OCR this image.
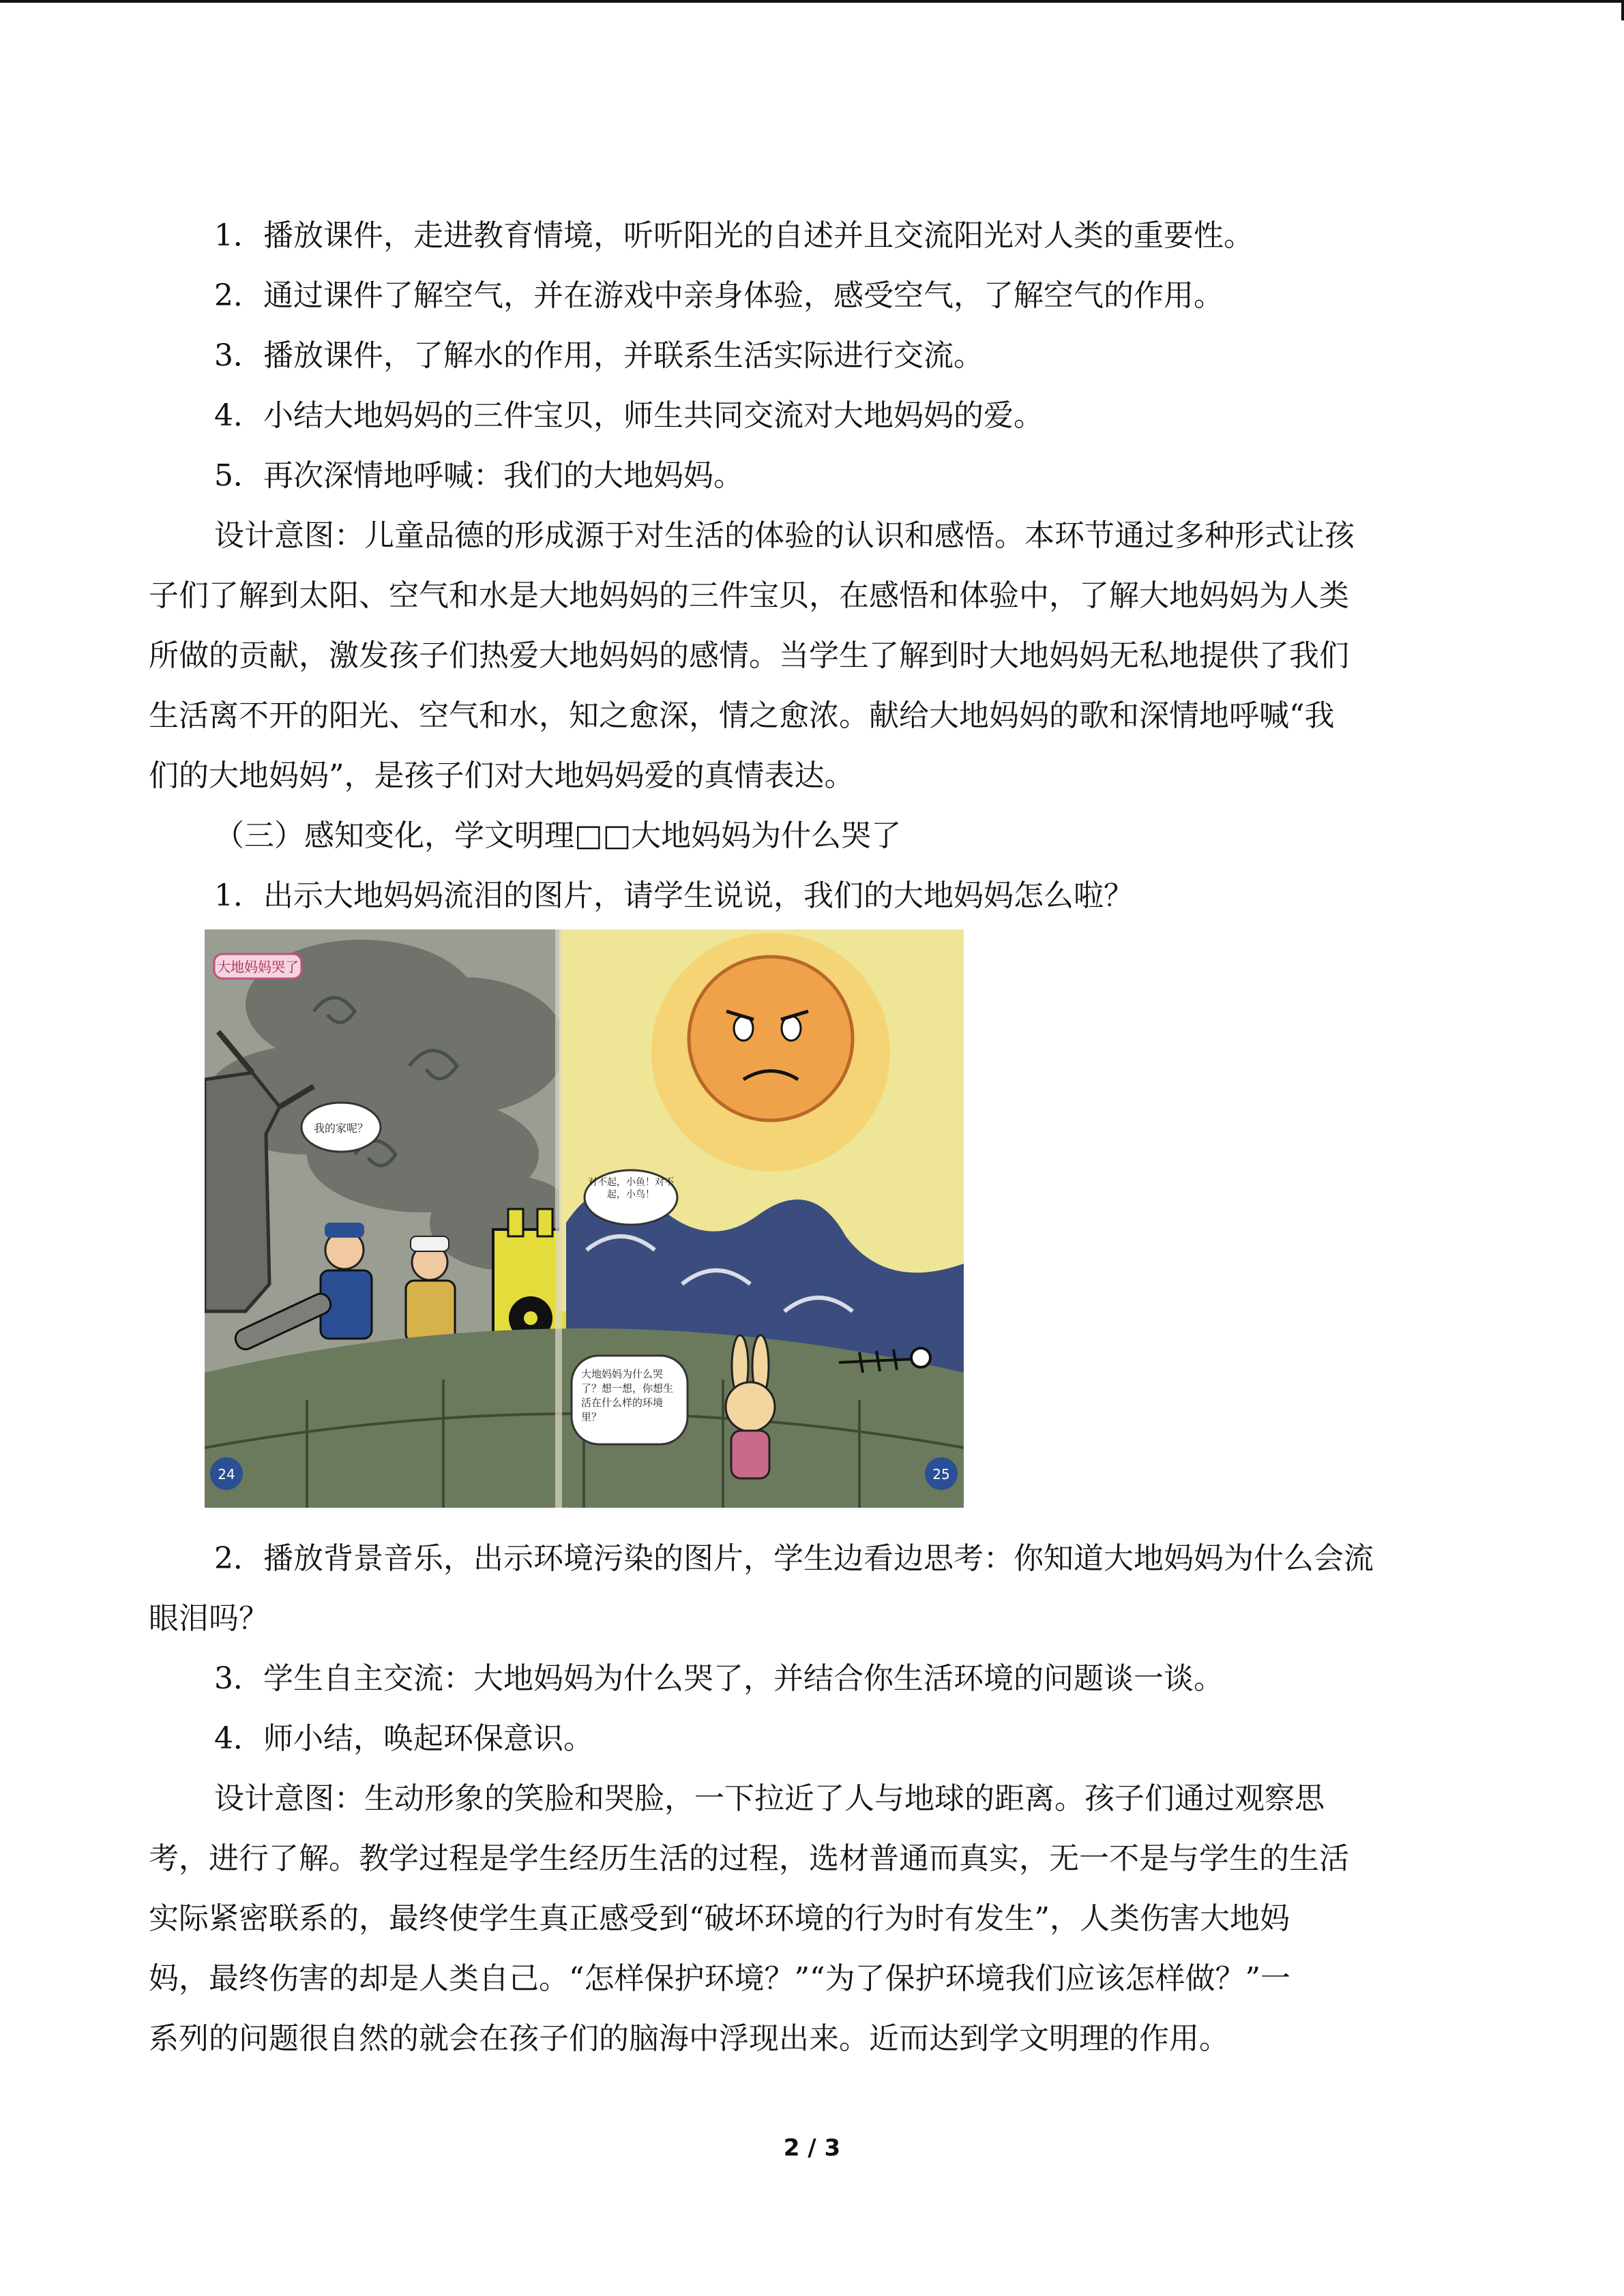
1．播放课件，走进教育情境，听听阳光的自述并且交流阳光对人类的重要性。

2．通过课件了解空气，并在游戏中亲身体验，感受空气，了解空气的作用。

3．播放课件，了解水的作用，并联系生活实际进行交流。

4．小结大地妈妈的三件宝贝，师生共同交流对大地妈妈的爱。

5．再次深情地呼喊：我们的大地妈妈。

设计意图：儿童品德的形成源于对生活的体验的认识和感悟。本环节通过多种形式让孩

子们了解到太阳、空气和水是大地妈妈的三件宝贝，在感悟和体验中，了解大地妈妈为人类

所做的贡献，激发孩子们热爱大地妈妈的感情。当学生了解到时大地妈妈无私地提供了我们

生活离不开的阳光、空气和水，知之愈深，情之愈浓。献给大地妈妈的歌和深情地呼喊“我

们的大地妈妈”，是孩子们对大地妈妈爱的真情表达。

（三）感知变化，学文明理□□大地妈妈为什么哭了

1．出示大地妈妈流泪的图片，请学生说说，我们的大地妈妈怎么啦？

2．播放背景音乐，出示环境污染的图片，学生边看边思考：你知道大地妈妈为什么会流

眼泪吗？

3．学生自主交流：大地妈妈为什么哭了，并结合你生活环境的问题谈一谈。

4．师小结，唤起环保意识。

设计意图：生动形象的笑脸和哭脸，一下拉近了人与地球的距离。孩子们通过观察思

考，进行了解。教学过程是学生经历生活的过程，选材普通而真实，无一不是与学生的生活

实际紧密联系的，最终使学生真正感受到“破坏环境的行为时有发生”，人类伤害大地妈

妈，最终伤害的却是人类自己。“怎样保护环境？”“为了保护环境我们应该怎样做？”一

系列的问题很自然的就会在孩子们的脑海中浮现出来。近而达到学文明理的作用。

大地妈妈哭了
我的家呢？
对不起，小鱼！对不起，小鸟！
大地妈妈为什么哭了？想一想，你想生活在什么样的环境里？
24	25
2 / 3
